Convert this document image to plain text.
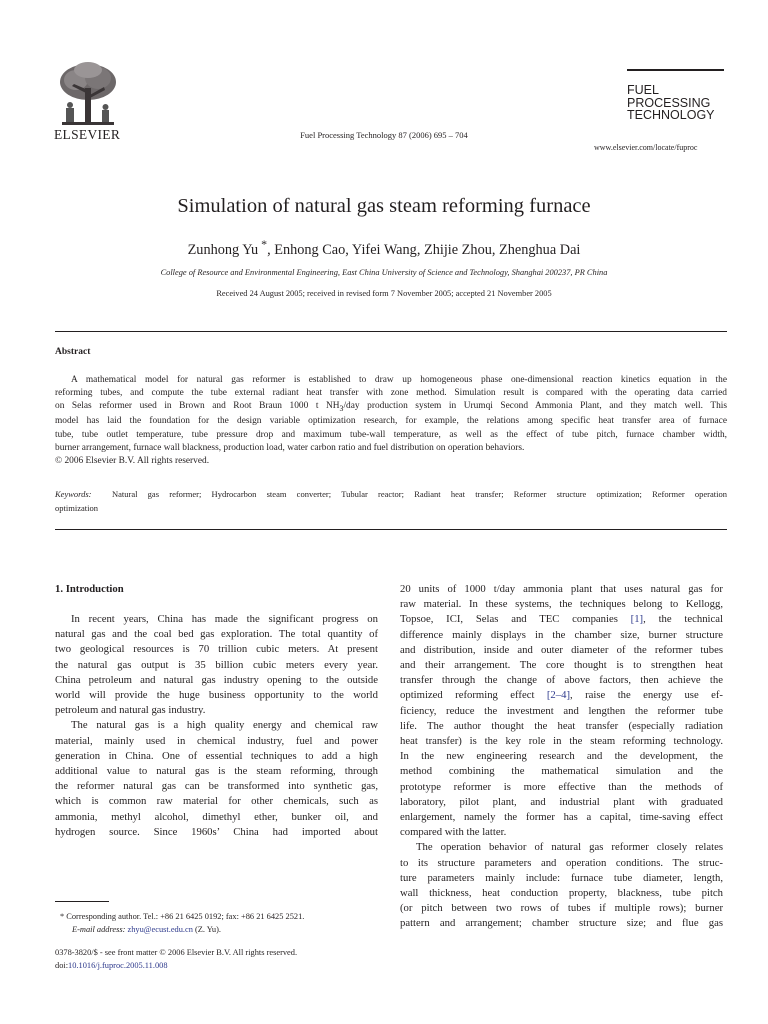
ELSEVIER	Fuel Processing Technology 87 (2006) 695 – 704
FUEL PROCESSING TECHNOLOGY
www.elsevier.com/locate/fuproc
Simulation of natural gas steam reforming furnace
Zunhong Yu *, Enhong Cao, Yifei Wang, Zhijie Zhou, Zhenghua Dai
College of Resource and Environmental Engineering, East China University of Science and Technology, Shanghai 200237, PR China
Received 24 August 2005; received in revised form 7 November 2005; accepted 21 November 2005
Abstract
A mathematical model for natural gas reformer is established to draw up homogeneous phase one-dimensional reaction kinetics equation in the
reforming tubes, and compute the tube external radiant heat transfer with zone method. Simulation result is compared with the operating data carried
on Selas reformer used in Brown and Root Braun 1000 t $NH_3$/day production system in Urumqi Second Ammonia Plant, and they match well. This
model has laid the foundation for the design variable optimization research, for example, the relations among specific heat transfer area of furnace
tube, tube outlet temperature, tube pressure drop and maximum tube-wall temperature, as well as the effect of tube pitch, furnace chamber width,
burner arrangement, furnace wall blackness, production load, water carbon ratio and fuel distribution on operation behaviors.
© 2006 Elsevier B.V. All rights reserved.
Keywords: Natural gas reformer; Hydrocarbon steam converter; Tubular reactor; Radiant heat transfer; Reformer structure optimization; Reformer operation
optimization
1. Introduction
In recent years, China has made the significant progress on
natural gas and the coal bed gas exploration. The total quantity of
two geological resources is 70 trillion cubic meters. At present
the natural gas output is 35 billion cubic meters every year.
China petroleum and natural gas industry opening to the outside
world will provide the huge business opportunity to the world
petroleum and natural gas industry.
The natural gas is a high quality energy and chemical raw
material, mainly used in chemical industry, fuel and power
generation in China. One of essential techniques to add a high
additional value to natural gas is the steam reforming, through
the reformer natural gas can be transformed into synthetic gas,
which is common raw material for other chemicals, such as
ammonia, methyl alcohol, dimethyl ether, bunker oil, and
hydrogen source. Since 1960s’ China had imported about
20 units of 1000 t/day ammonia plant that uses natural gas for
raw material. In these systems, the techniques belong to Kellogg,
Topsoe, ICI, Selas and TEC companies [1], the technical
difference mainly displays in the chamber size, burner structure
and distribution, inside and outer diameter of the reformer tubes
and their arrangement. The core thought is to strengthen heat
transfer through the change of above factors, then achieve the
optimized reforming effect [2–4], raise the energy use ef-
ficiency, reduce the investment and lengthen the reformer tube
life. The author thought the heat transfer (especially radiation
heat transfer) is the key role in the steam reforming technology.
In the new engineering research and the development, the
method combining the mathematical simulation and the
prototype reformer is more effective than the methods of
laboratory, pilot plant, and industrial plant with graduated
enlargement, namely the former has a capital, time-saving effect
compared with the latter.
The operation behavior of natural gas reformer closely relates
to its structure parameters and operation conditions. The struc-
ture parameters mainly include: furnace tube diameter, length,
wall thickness, heat conduction property, blackness, tube pitch
(or pitch between two rows of tubes if multiple rows); burner
pattern and arrangement; chamber structure size; and flue gas
* Corresponding author. Tel.: +86 21 6425 0192; fax: +86 21 6425 2521.
E-mail address: zhyu@ecust.edu.cn (Z. Yu).
0378-3820/$ - see front matter © 2006 Elsevier B.V. All rights reserved.
doi:10.1016/j.fuproc.2005.11.008
